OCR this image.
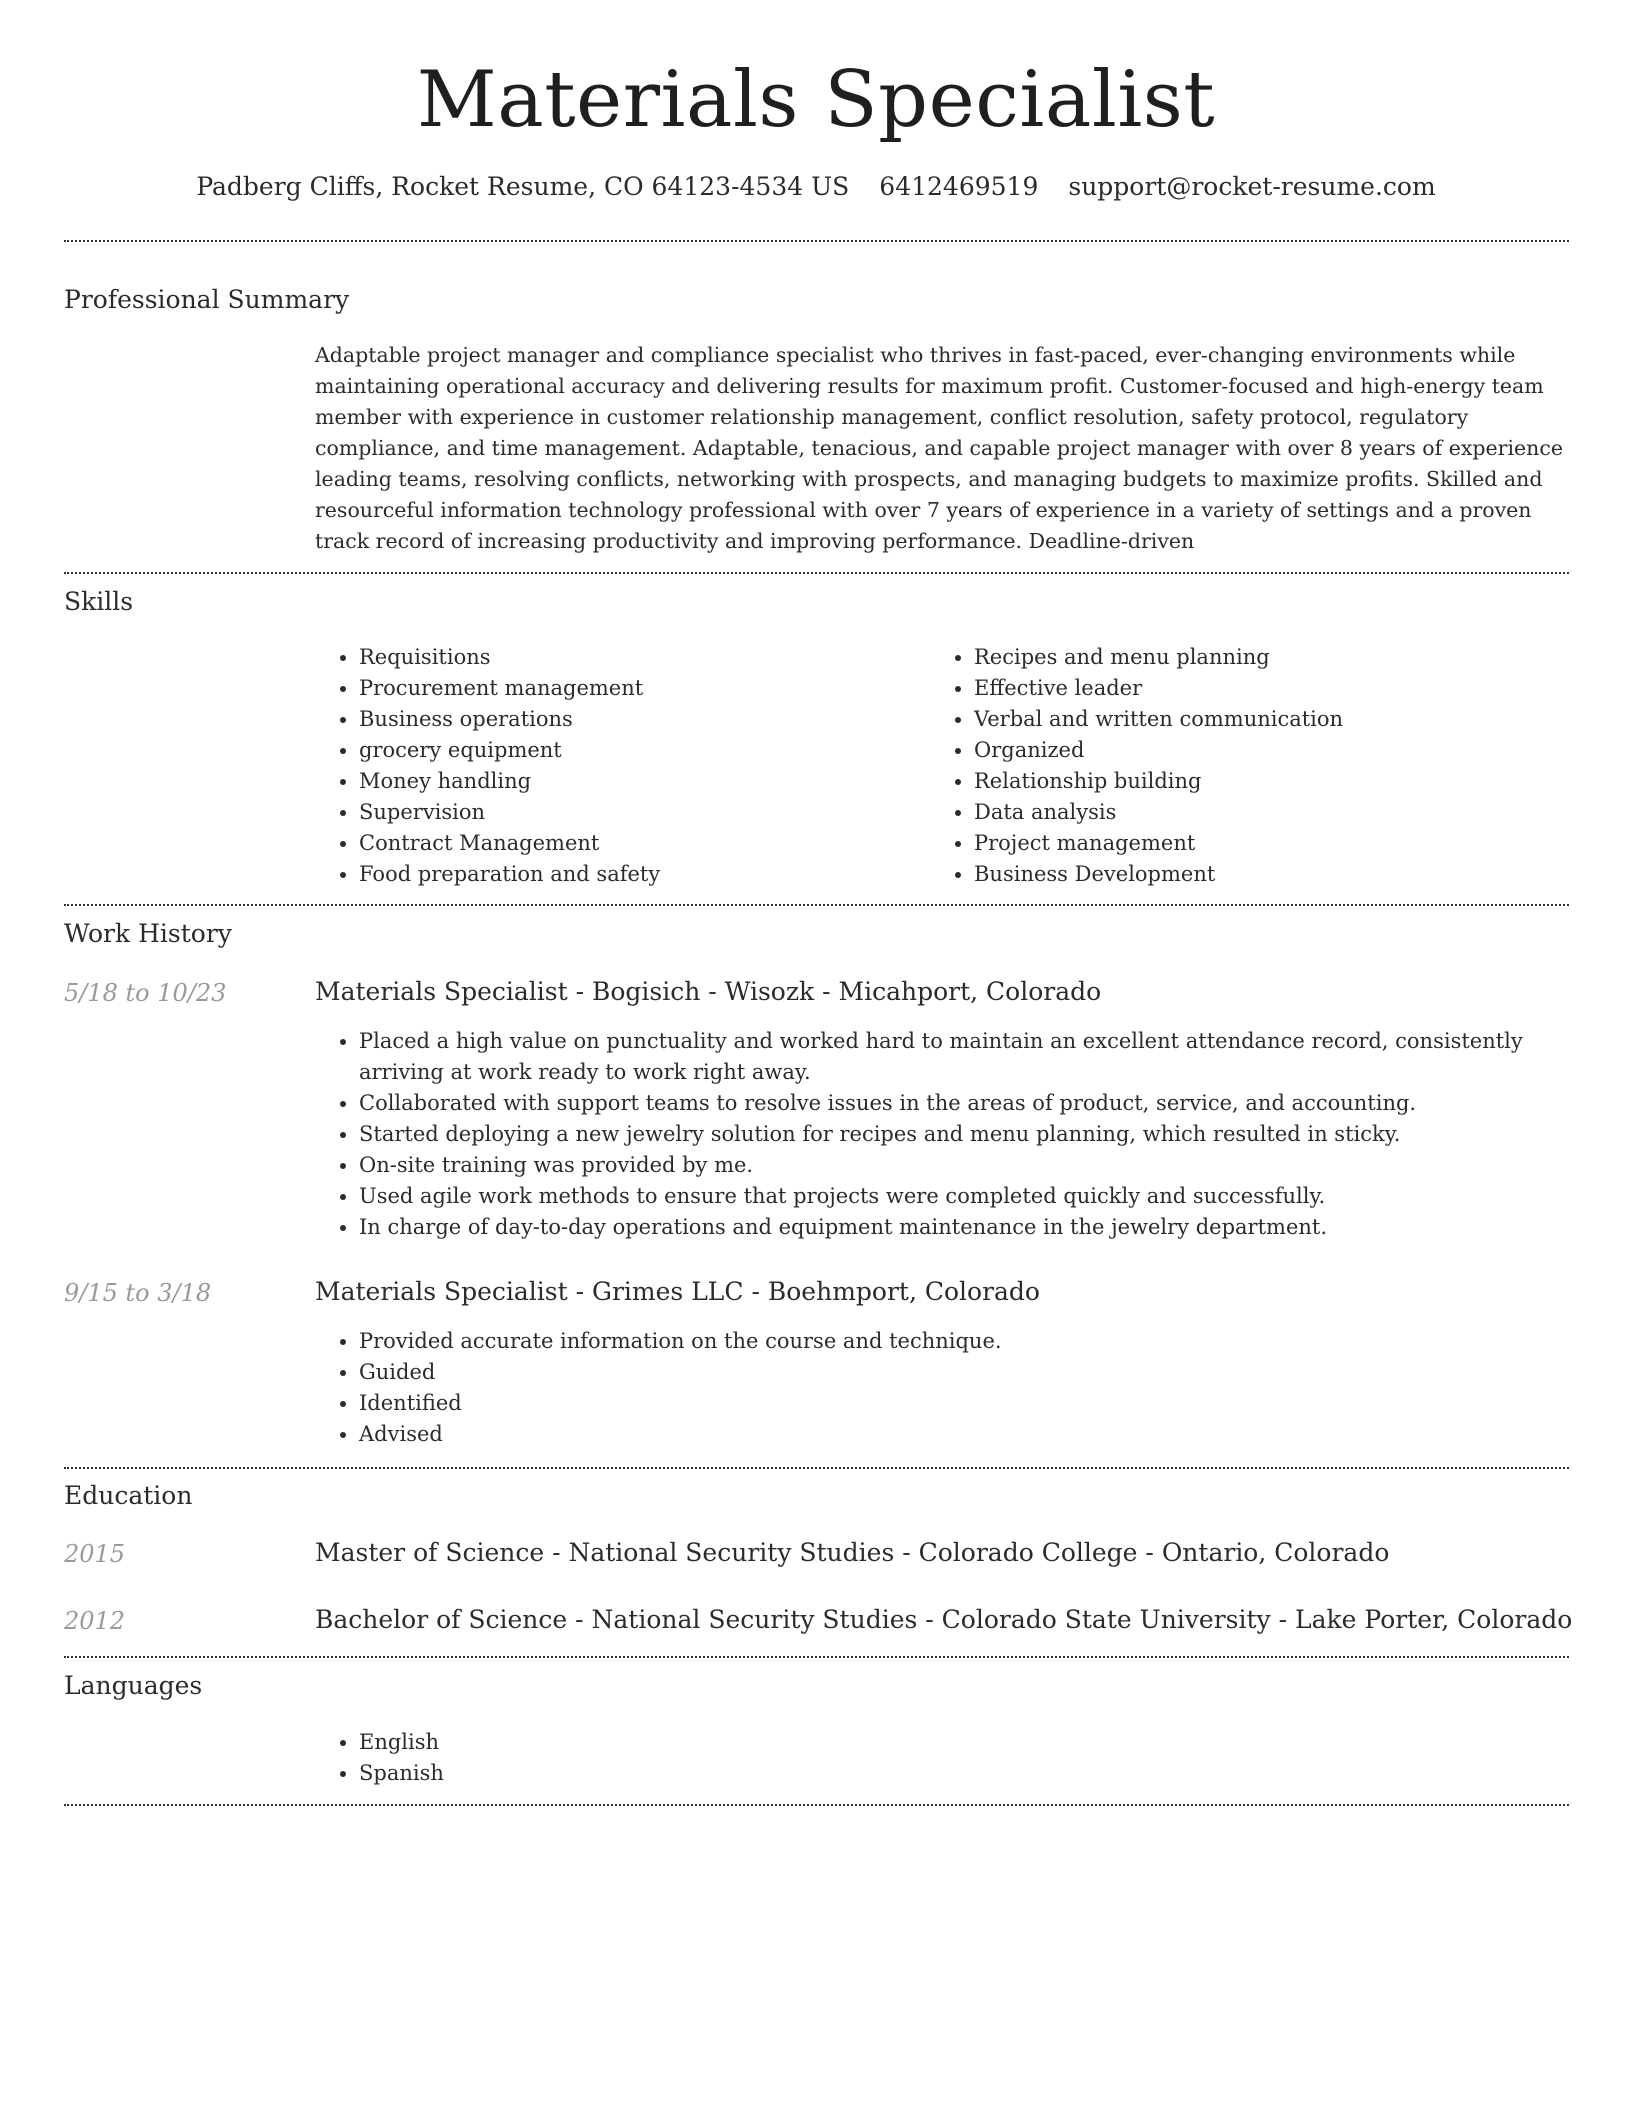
Materials Specialist
Padberg Cliffs, Rocket Resume, CO 64123-4534 US 6412469519 support@rocket-resume.com
Professional Summary

Adaptable project manager and compliance specialist who thrives in fast-paced, ever-changing environments while maintaining operational accuracy and delivering results for maximum profit. Customer-focused and high-energy team member with experience in customer relationship management, conflict resolution, safety protocol, regulatory compliance, and time management. Adaptable, tenacious, and capable project manager with over 8 years of experience leading teams, resolving conflicts, networking with prospects, and managing budgets to maximize profits. Skilled and resourceful information technology professional with over 7 years of experience in a variety of settings and a proven track record of increasing productivity and improving performance. Deadline-driven

Skills
• Requisitions
• Procurement management
• Business operations
• grocery equipment
• Money handling
• Supervision
• Contract Management
• Food preparation and safety
• Recipes and menu planning
• Effective leader
• Verbal and written communication
• Organized
• Relationship building
• Data analysis
• Project management
• Business Development
Work History
5/18 to 10/23	Materials Specialist - Bogisich - Wisozk - Micahport, Colorado
• Placed a high value on punctuality and worked hard to maintain an excellent attendance record, consistently arriving at work ready to work right away.
• Collaborated with support teams to resolve issues in the areas of product, service, and accounting.
• Started deploying a new jewelry solution for recipes and menu planning, which resulted in sticky.
• On-site training was provided by me.
• Used agile work methods to ensure that projects were completed quickly and successfully.
• In charge of day-to-day operations and equipment maintenance in the jewelry department.
9/15 to 3/18	Materials Specialist - Grimes LLC - Boehmport, Colorado
• Provided accurate information on the course and technique.
• Guided
• Identified
• Advised
Education
2015	Master of Science - National Security Studies - Colorado College - Ontario, Colorado
2012	Bachelor of Science - National Security Studies - Colorado State University - Lake Porter, Colorado
Languages
• English
• Spanish
